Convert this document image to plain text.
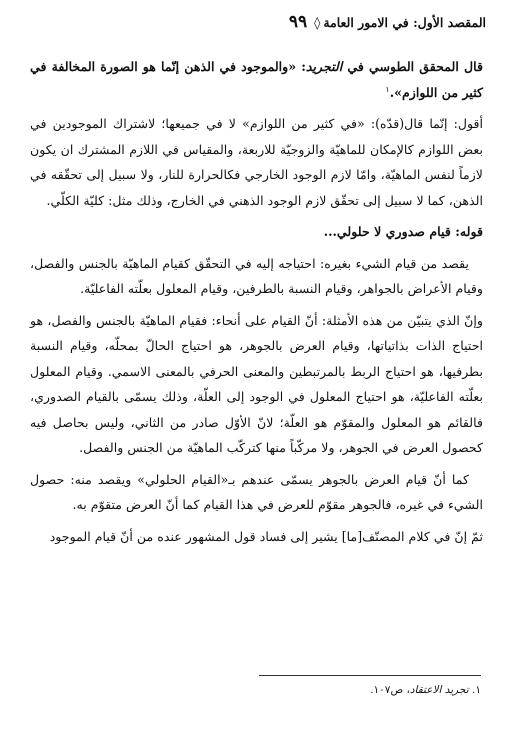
المقصد الأول: في الامور العامة
◊
٩٩

قال المحقق الطوسي في التجريد: «والموجود في الذهن إنّما هو الصورة المخالفة في كثير من اللوازم».$^١$

أقول: إنّما قال(قدّه): «في كثير من اللوازم» لا في جميعها؛ لاشتراك الموجودين في بعض اللوازم كالإمكان للماهيّة والزوجيّة للاربعة، والمقياس في اللازم المشترك ان يكون لازماً لنفس الماهيّة، وامّا لازم الوجود الخارجي فكالحرارة للنار، ولا سبيل إلى تحقّقه في الذهن، كما لا سبيل إلى تحقّق لازم الوجود الذهني في الخارج، وذلك مثل: كليّة الكلّي.

قوله: قيام صدوري لا حلولي...

يقصد من قيام الشيء بغيره: احتياجه إليه في التحقّق كقيام الماهيّة بالجنس والفصل، وقيام الأعراض بالجواهر، وقيام النسبة بالطرفين، وقيام المعلول بعلّته الفاعليّة.

وإنّ الذي يتبيّن من هذه الأمثلة: أنّ القيام على أنحاء: فقيام الماهيّة بالجنس والفصل، هو احتياج الذات بذاتياتها، وقيام العرض بالجوهر، هو احتياج الحالّ بمحلّه، وقيام النسبة بطرفيها، هو احتياج الربط بالمرتبطين والمعنى الحرفي بالمعنى الاسمي. وقيام المعلول بعلّته الفاعليّة، هو احتياج المعلول في الوجود إلى العلّة، وذلك يسمّى بالقيام الصدوري، فالقائم هو المعلول والمقوّم هو العلّة؛ لانّ الأوّل صادر من الثاني، وليس بحاصل فيه كحصول العرض في الجوهر، ولا مركّباً منها كتركّب الماهيّة من الجنس والفصل.

كما أنّ قيام العرض بالجوهر يسمّى عندهم بـ«القيام الحلولي» ويقصد منه: حصول الشيء في غيره، فالجوهر مقوّم للعرض في هذا القيام كما أنّ العرض متقوّم به.

ثمّ إنّ في كلام المصنّف[ما] يشير إلى فساد قول المشهور عنده من أنّ قيام الموجود

١. تجريد الاعتقاد، ص١٠٧.
